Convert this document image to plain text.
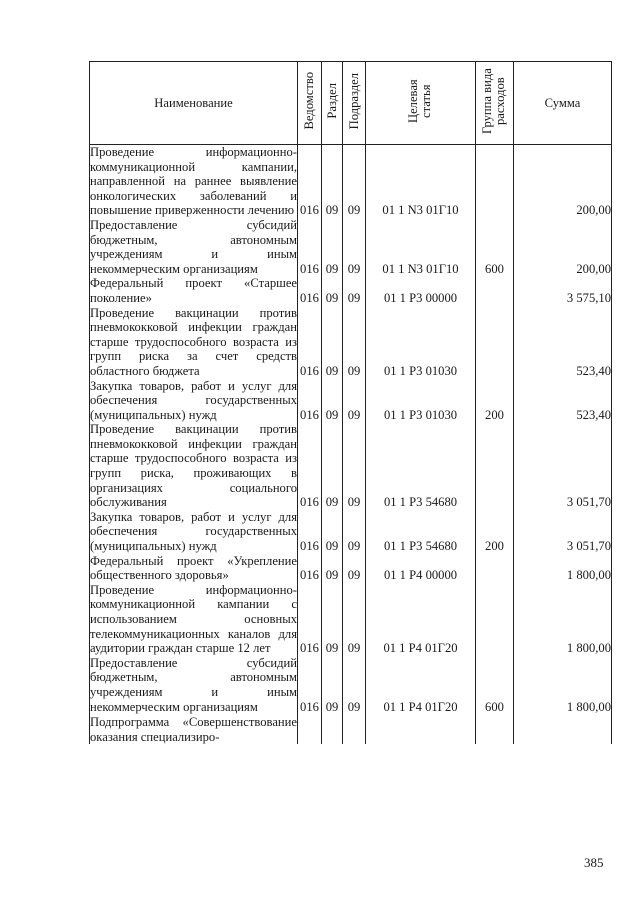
Наименование	Ведомство	Раздел	Подраздел	Целевая статья	Группа вида расходов	Сумма
Проведение информационно-коммуникационной кампании, направленной на раннее выявление онкологических заболеваний и повышение приверженности лечению	016	09	09	01 1 N3 01Г10		200,00
Предоставление субсидий бюджетным, автономным учреждениям и иным некоммерческим организациям	016	09	09	01 1 N3 01Г10	600	200,00
Федеральный проект «Старшее поколение»	016	09	09	01 1 P3 00000		3 575,10
Проведение вакцинации против пневмококковой инфекции граждан старше трудоспособного возраста из групп риска за счет средств областного бюджета	016	09	09	01 1 P3 01030		523,40
Закупка товаров, работ и услуг для обеспечения государственных (муниципальных) нужд	016	09	09	01 1 P3 01030	200	523,40
Проведение вакцинации против пневмококковой инфекции граждан старше трудоспособного возраста из групп риска, проживающих в организациях социального обслуживания	016	09	09	01 1 P3 54680		3 051,70
Закупка товаров, работ и услуг для обеспечения государственных (муниципальных) нужд	016	09	09	01 1 P3 54680	200	3 051,70
Федеральный проект «Укрепление общественного здоровья»	016	09	09	01 1 P4 00000		1 800,00
Проведение информационно-коммуникационной кампании с использованием основных телекоммуникационных каналов для аудитории граждан старше 12 лет	016	09	09	01 1 P4 01Г20		1 800,00
Предоставление субсидий бюджетным, автономным учреждениям и иным некоммерческим организациям	016	09	09	01 1 P4 01Г20	600	1 800,00
Подпрограмма «Совершенствование оказания специализиро-						
385
